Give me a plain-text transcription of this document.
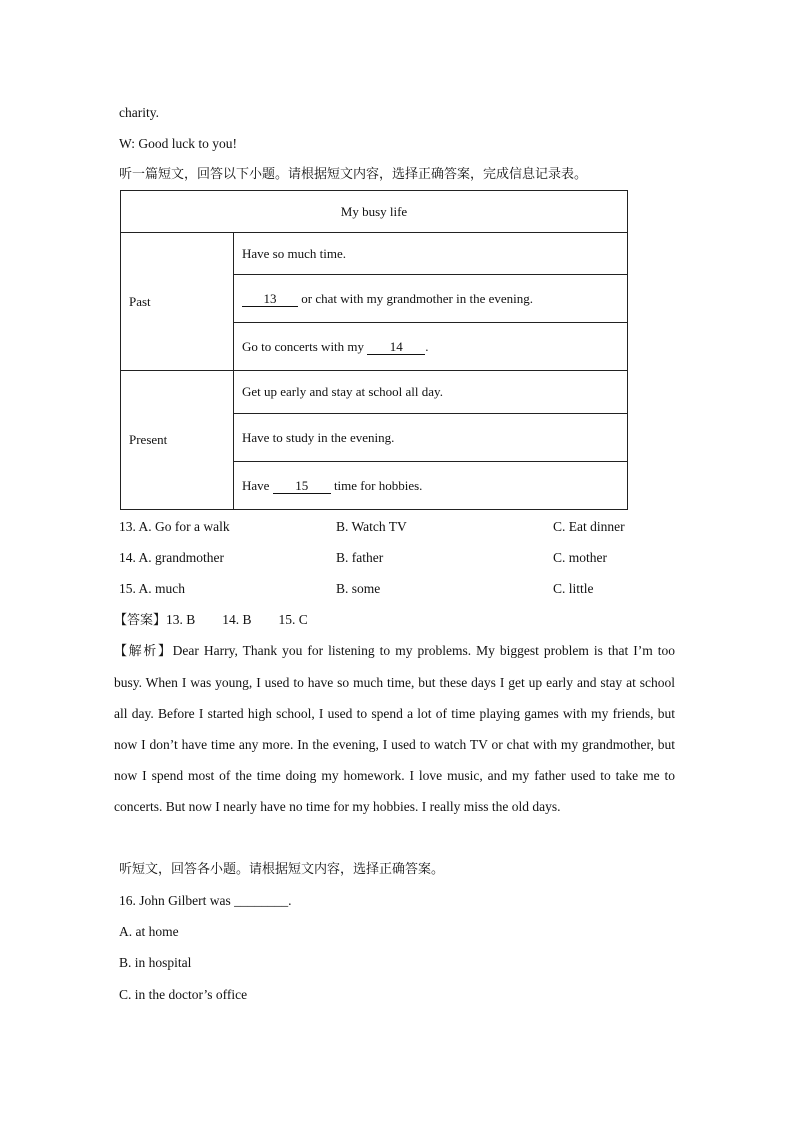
charity.
W: Good luck to you!
听一篇短文，回答以下小题。请根据短文内容，选择正确答案，完成信息记录表。
My busy life	
Past	Have so much time.
	13 or chat with my grandmother in the evening.
	Go to concerts with my 14 .
Present	Get up early and stay at school all day.
	Have to study in the evening.
	Have 15 time for hobbies.
13. A. Go for a walk	B. Watch TV	C. Eat dinner
14. A. grandmother	B. father	C. mother
15. A. much	B. some	C. little
【答案】13. B        14. B        15. C
【解析】Dear Harry, Thank you for listening to my problems. My biggest problem is that I’m too busy. When I was young, I used to have so much time, but these days I get up early and stay at school all day. Before I started high school, I used to spend a lot of time playing games with my friends, but now I don’t have time any more. In the evening, I used to watch TV or chat with my grandmother, but now I spend most of the time doing my homework. I love music, and my father used to take me to concerts. But now I nearly have no time for my hobbies. I really miss the old days.
听短文，回答各小题。请根据短文内容，选择正确答案。
16. John Gilbert was ________.
A. at home
B. in hospital
C. in the doctor’s office
